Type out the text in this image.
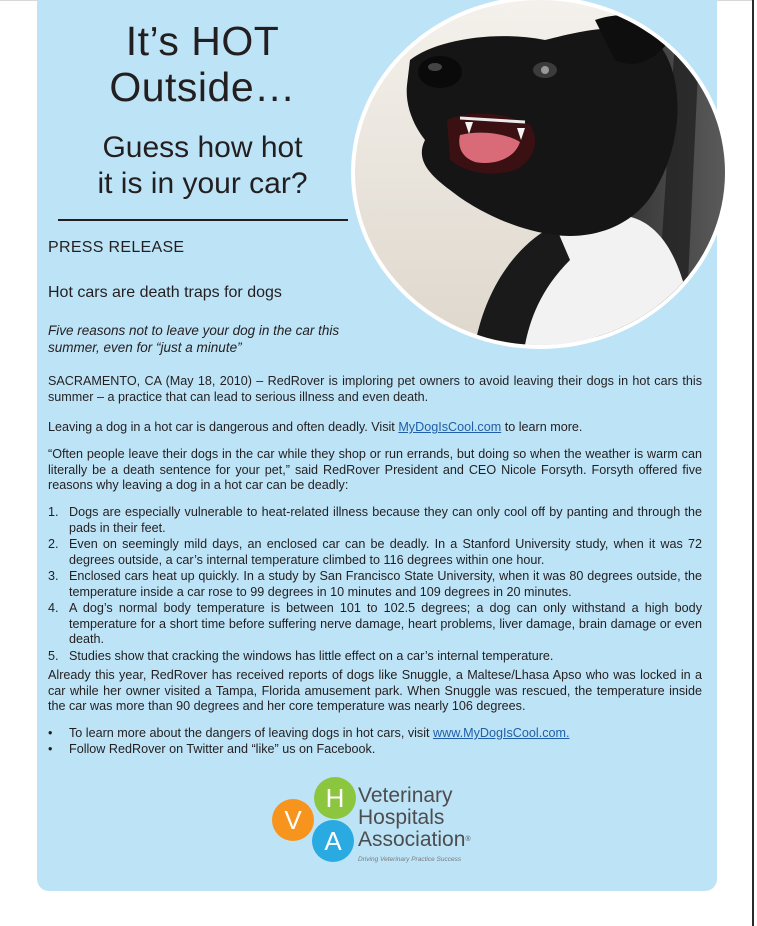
It’s HOT
Outside…
Guess how hot
it is in your car?
PRESS RELEASE
Hot cars are death traps for dogs
Five reasons not to leave your dog in the car this summer, even for “just a minute”
SACRAMENTO, CA (May 18, 2010) – RedRover is imploring pet owners to avoid leaving their dogs in hot cars this summer – a practice that can lead to serious illness and even death.
Leaving a dog in a hot car is dangerous and often deadly. Visit MyDogIsCool.com to learn more.
“Often people leave their dogs in the car while they shop or run errands, but doing so when the weather is warm can literally be a death sentence for your pet,” said RedRover President and CEO Nicole Forsyth. Forsyth offered five reasons why leaving a dog in a hot car can be deadly:
1. Dogs are especially vulnerable to heat-related illness because they can only cool off by panting and through the pads in their feet.
2. Even on seemingly mild days, an enclosed car can be deadly. In a Stanford University study, when it was 72 degrees outside, a car’s internal temperature climbed to 116 degrees within one hour.
3. Enclosed cars heat up quickly. In a study by San Francisco State University, when it was 80 degrees outside, the temperature inside a car rose to 99 degrees in 10 minutes and 109 degrees in 20 minutes.
4. A dog’s normal body temperature is between 101 to 102.5 degrees; a dog can only withstand a high body temperature for a short time before suffering nerve damage, heart problems, liver damage, brain damage or even death.
5. Studies show that cracking the windows has little effect on a car’s internal temperature.
Already this year, RedRover has received reports of dogs like Snuggle, a Maltese/Lhasa Apso who was locked in a car while her owner visited a Tampa, Florida amusement park. When Snuggle was rescued, the temperature inside the car was more than 90 degrees and her core temperature was nearly 106 degrees.
• To learn more about the dangers of leaving dogs in hot cars, visit www.MyDogIsCool.com.
• Follow RedRover on Twitter and “like” us on Facebook.
H
V
A
Veterinary
Hospitals
Association®
Driving Veterinary Practice Success
